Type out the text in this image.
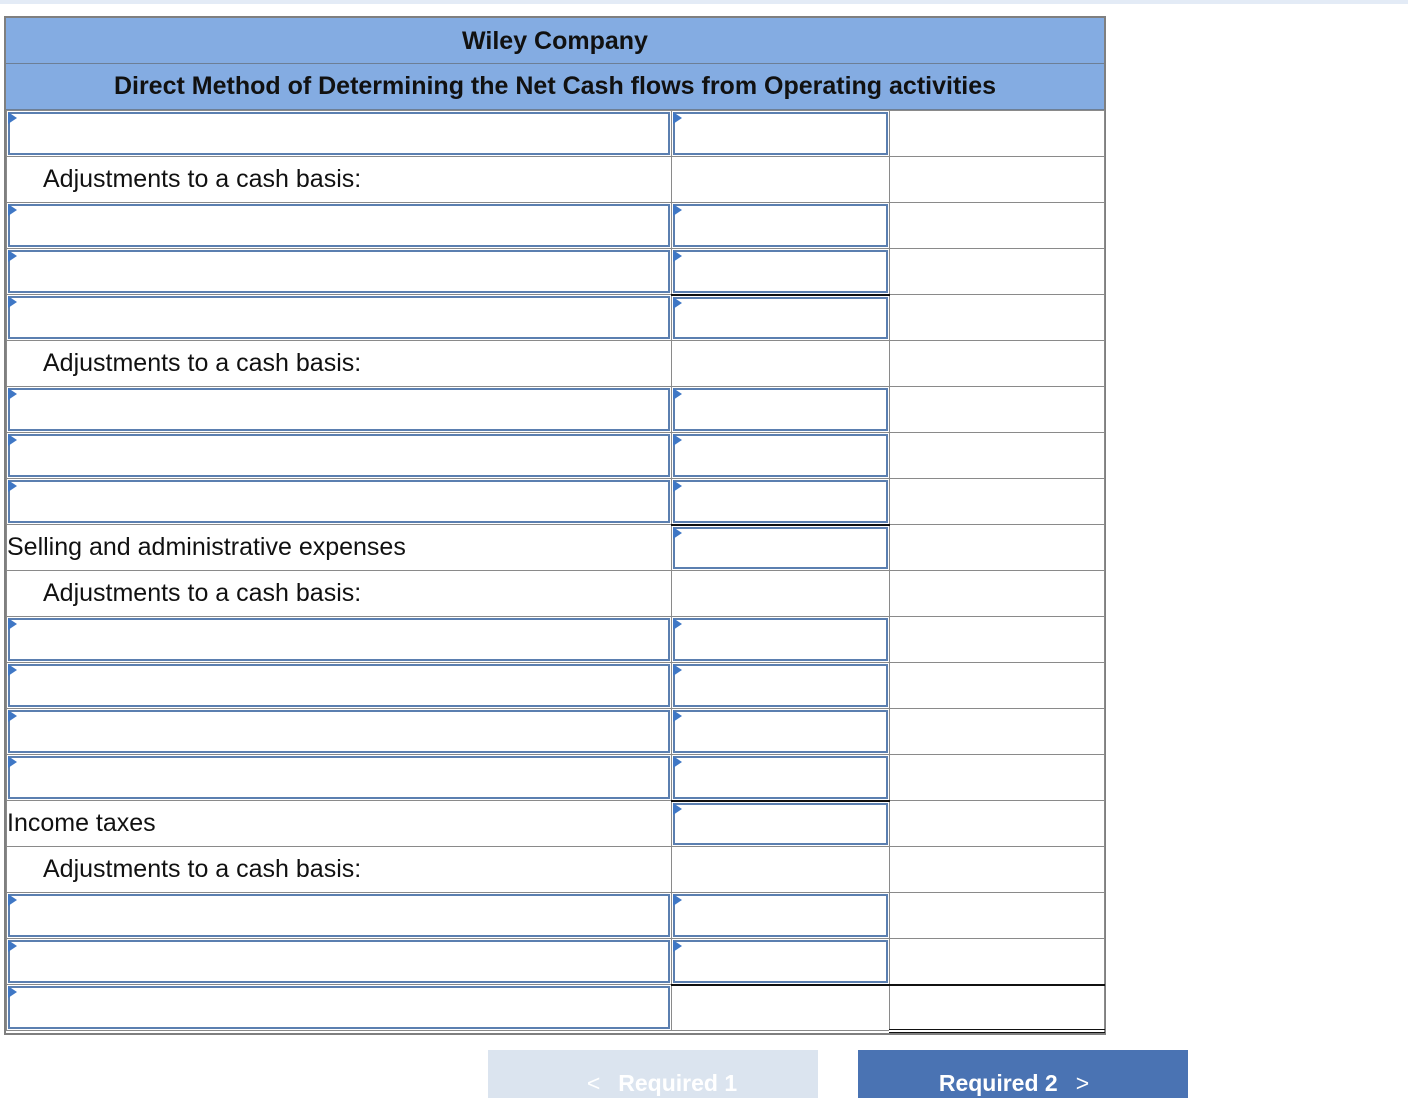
Wiley Company
Direct Method of Determining the Net Cash flows from Operating activities

Adjustments to a cash basis:		

Adjustments to a cash basis:		

Selling and administrative expenses	

Adjustments to a cash basis:		

Income taxes	

Adjustments to a cash basis:		

< Required 1	Required 2 >
